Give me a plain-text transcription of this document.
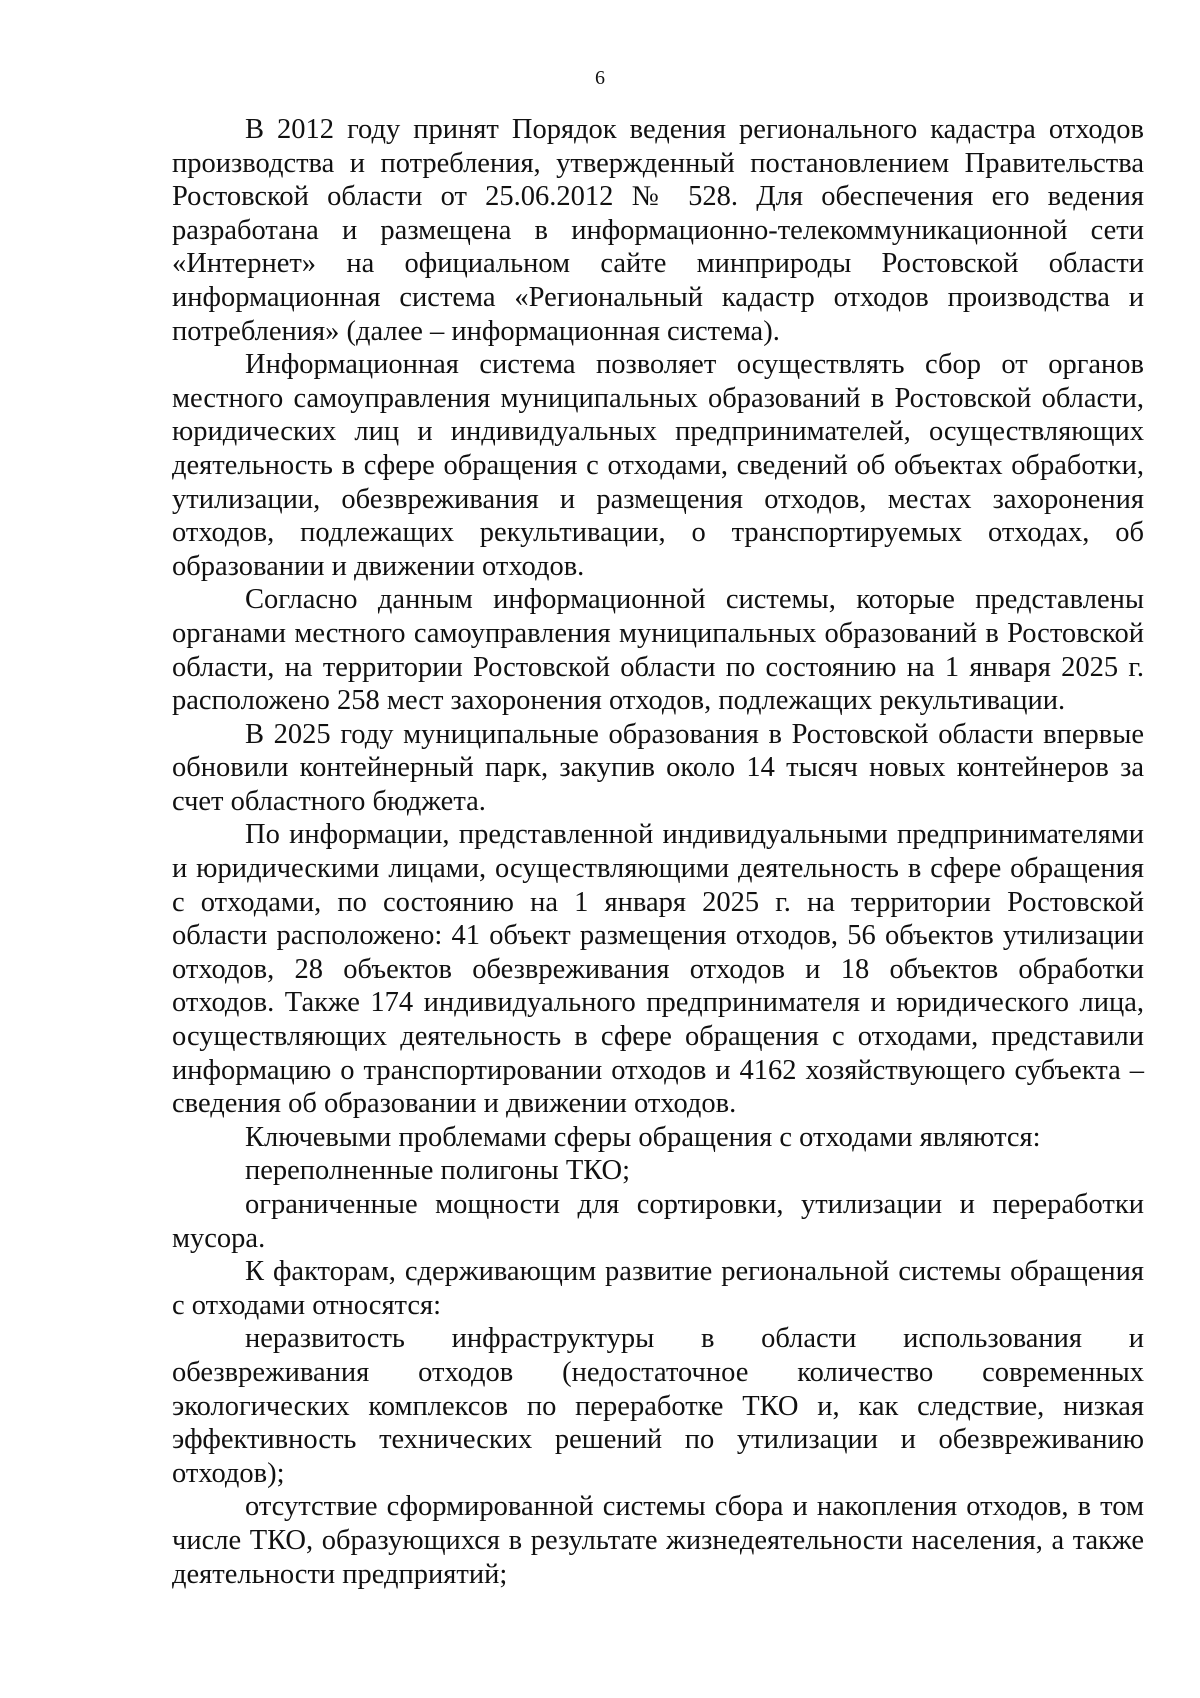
6

В 2012 году принят Порядок ведения регионального кадастра отходов производства и потребления, утвержденный постановлением Правительства Ростовской области от 25.06.2012 № 528. Для обеспечения его ведения разработана и размещена в информационно-телекоммуникационной сети «Интернет» на официальном сайте минприроды Ростовской области информационная система «Региональный кадастр отходов производства и потребления» (далее – информационная система).

Информационная система позволяет осуществлять сбор от органов местного самоуправления муниципальных образований в Ростовской области, юридических лиц и индивидуальных предпринимателей, осуществляющих деятельность в сфере обращения с отходами, сведений об объектах обработки, утилизации, обезвреживания и размещения отходов, местах захоронения отходов, подлежащих рекультивации, о транспортируемых отходах, об образовании и движении отходов.

Согласно данным информационной системы, которые представлены органами местного самоуправления муниципальных образований в Ростовской области, на территории Ростовской области по состоянию на 1 января 2025 г. расположено 258 мест захоронения отходов, подлежащих рекультивации.

В 2025 году муниципальные образования в Ростовской области впервые обновили контейнерный парк, закупив около 14 тысяч новых контейнеров за счет областного бюджета.

По информации, представленной индивидуальными предпринимателями и юридическими лицами, осуществляющими деятельность в сфере обращения с отходами, по состоянию на 1 января 2025 г. на территории Ростовской области расположено: 41 объект размещения отходов, 56 объектов утилизации отходов, 28 объектов обезвреживания отходов и 18 объектов обработки отходов. Также 174 индивидуального предпринимателя и юридического лица, осуществляющих деятельность в сфере обращения с отходами, представили информацию о транспортировании отходов и 4162 хозяйствующего субъекта – сведения об образовании и движении отходов.

Ключевыми проблемами сферы обращения с отходами являются:

переполненные полигоны ТКО;

ограниченные мощности для сортировки, утилизации и переработки мусора.

К факторам, сдерживающим развитие региональной системы обращения с отходами относятся:

неразвитость инфраструктуры в области использования и обезвреживания отходов (недостаточное количество современных экологических комплексов по переработке ТКО и, как следствие, низкая эффективность технических решений по утилизации и обезвреживанию отходов);

отсутствие сформированной системы сбора и накопления отходов, в том числе ТКО, образующихся в результате жизнедеятельности населения, а также деятельности предприятий;
